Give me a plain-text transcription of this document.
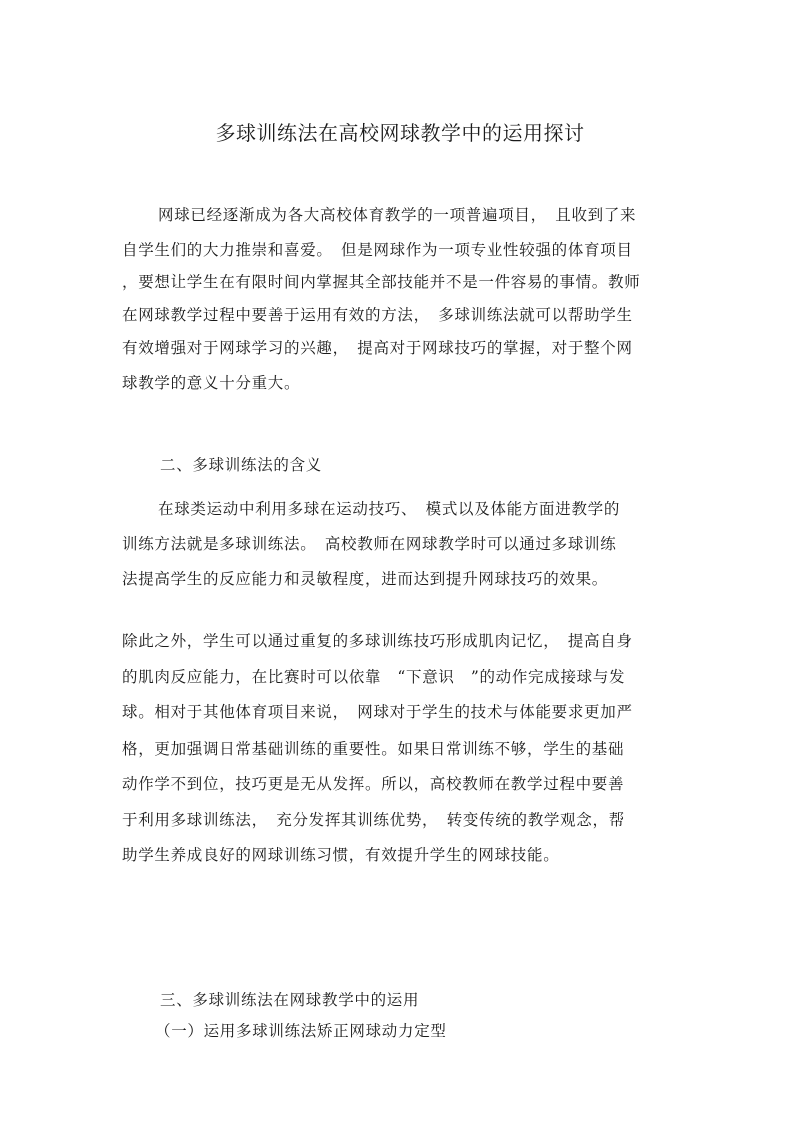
多球训练法在高校网球教学中的运用探讨
网球已经逐渐成为各大高校体育教学的一项普遍项目，　且收到了来
自学生们的大力推崇和喜爱。　但是网球作为一项专业性较强的体育项目
，要想让学生在有限时间内掌握其全部技能并不是一件容易的事情。教师
在网球教学过程中要善于运用有效的方法，　多球训练法就可以帮助学生
有效增强对于网球学习的兴趣，　提高对于网球技巧的掌握，对于整个网
球教学的意义十分重大。
二、多球训练法的含义
在球类运动中利用多球在运动技巧、　模式以及体能方面进教学的
训练方法就是多球训练法。　高校教师在网球教学时可以通过多球训练
法提高学生的反应能力和灵敏程度，进而达到提升网球技巧的效果。
除此之外，学生可以通过重复的多球训练技巧形成肌肉记忆，　提高自身
的肌肉反应能力，在比赛时可以依靠　“下意识　”的动作完成接球与发
球。相对于其他体育项目来说，　网球对于学生的技术与体能要求更加严
格，更加强调日常基础训练的重要性。如果日常训练不够，学生的基础
动作学不到位，技巧更是无从发挥。所以，高校教师在教学过程中要善
于利用多球训练法，　充分发挥其训练优势，　转变传统的教学观念，帮
助学生养成良好的网球训练习惯，有效提升学生的网球技能。
三、多球训练法在网球教学中的运用
（一）运用多球训练法矫正网球动力定型
